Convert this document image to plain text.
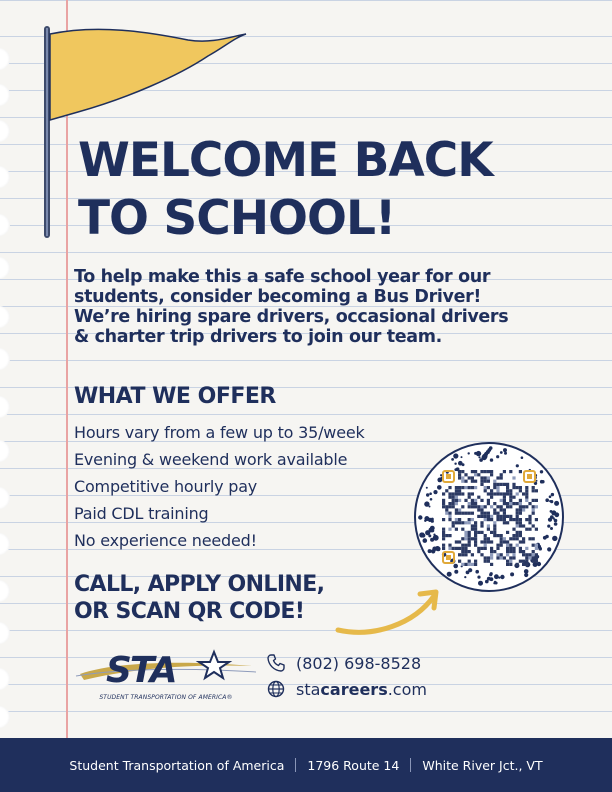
WELCOME BACK
TO SCHOOL!

To help make this a safe school year for our
students, consider becoming a Bus Driver!
We’re hiring spare drivers, occasional drivers
& charter trip drivers to join our team.

WHAT WE OFFER
Hours vary from a few up to 35/week
Evening & weekend work available
Competitive hourly pay
Paid CDL training
No experience needed!
CALL, APPLY ONLINE,
OR SCAN QR CODE!
STA
STUDENT TRANSPORTATION OF AMERICA®
(802) 698-8528
stacareers.com
Student Transportation of America 1796 Route 14 White River Jct., VT
